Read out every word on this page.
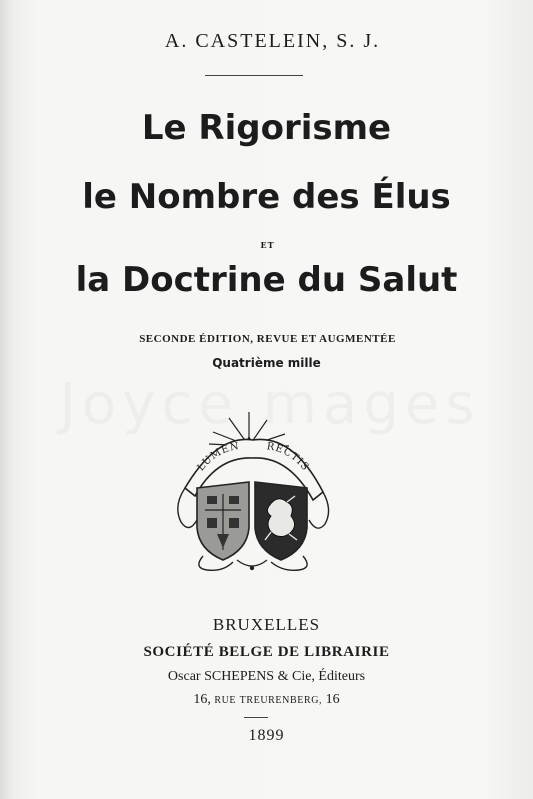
A. CASTELEIN, S. J.
Le Rigorisme
le Nombre des Élus
ET
la Doctrine du Salut
SECONDE ÉDITION, REVUE ET AUGMENTÉE
Quatrième mille
LUMEN	RECTIS
BRUXELLES
SOCIÉTÉ BELGE DE LIBRAIRIE
Oscar SCHEPENS & Cie, Éditeurs
16, RUE TREURENBERG, 16
1899
